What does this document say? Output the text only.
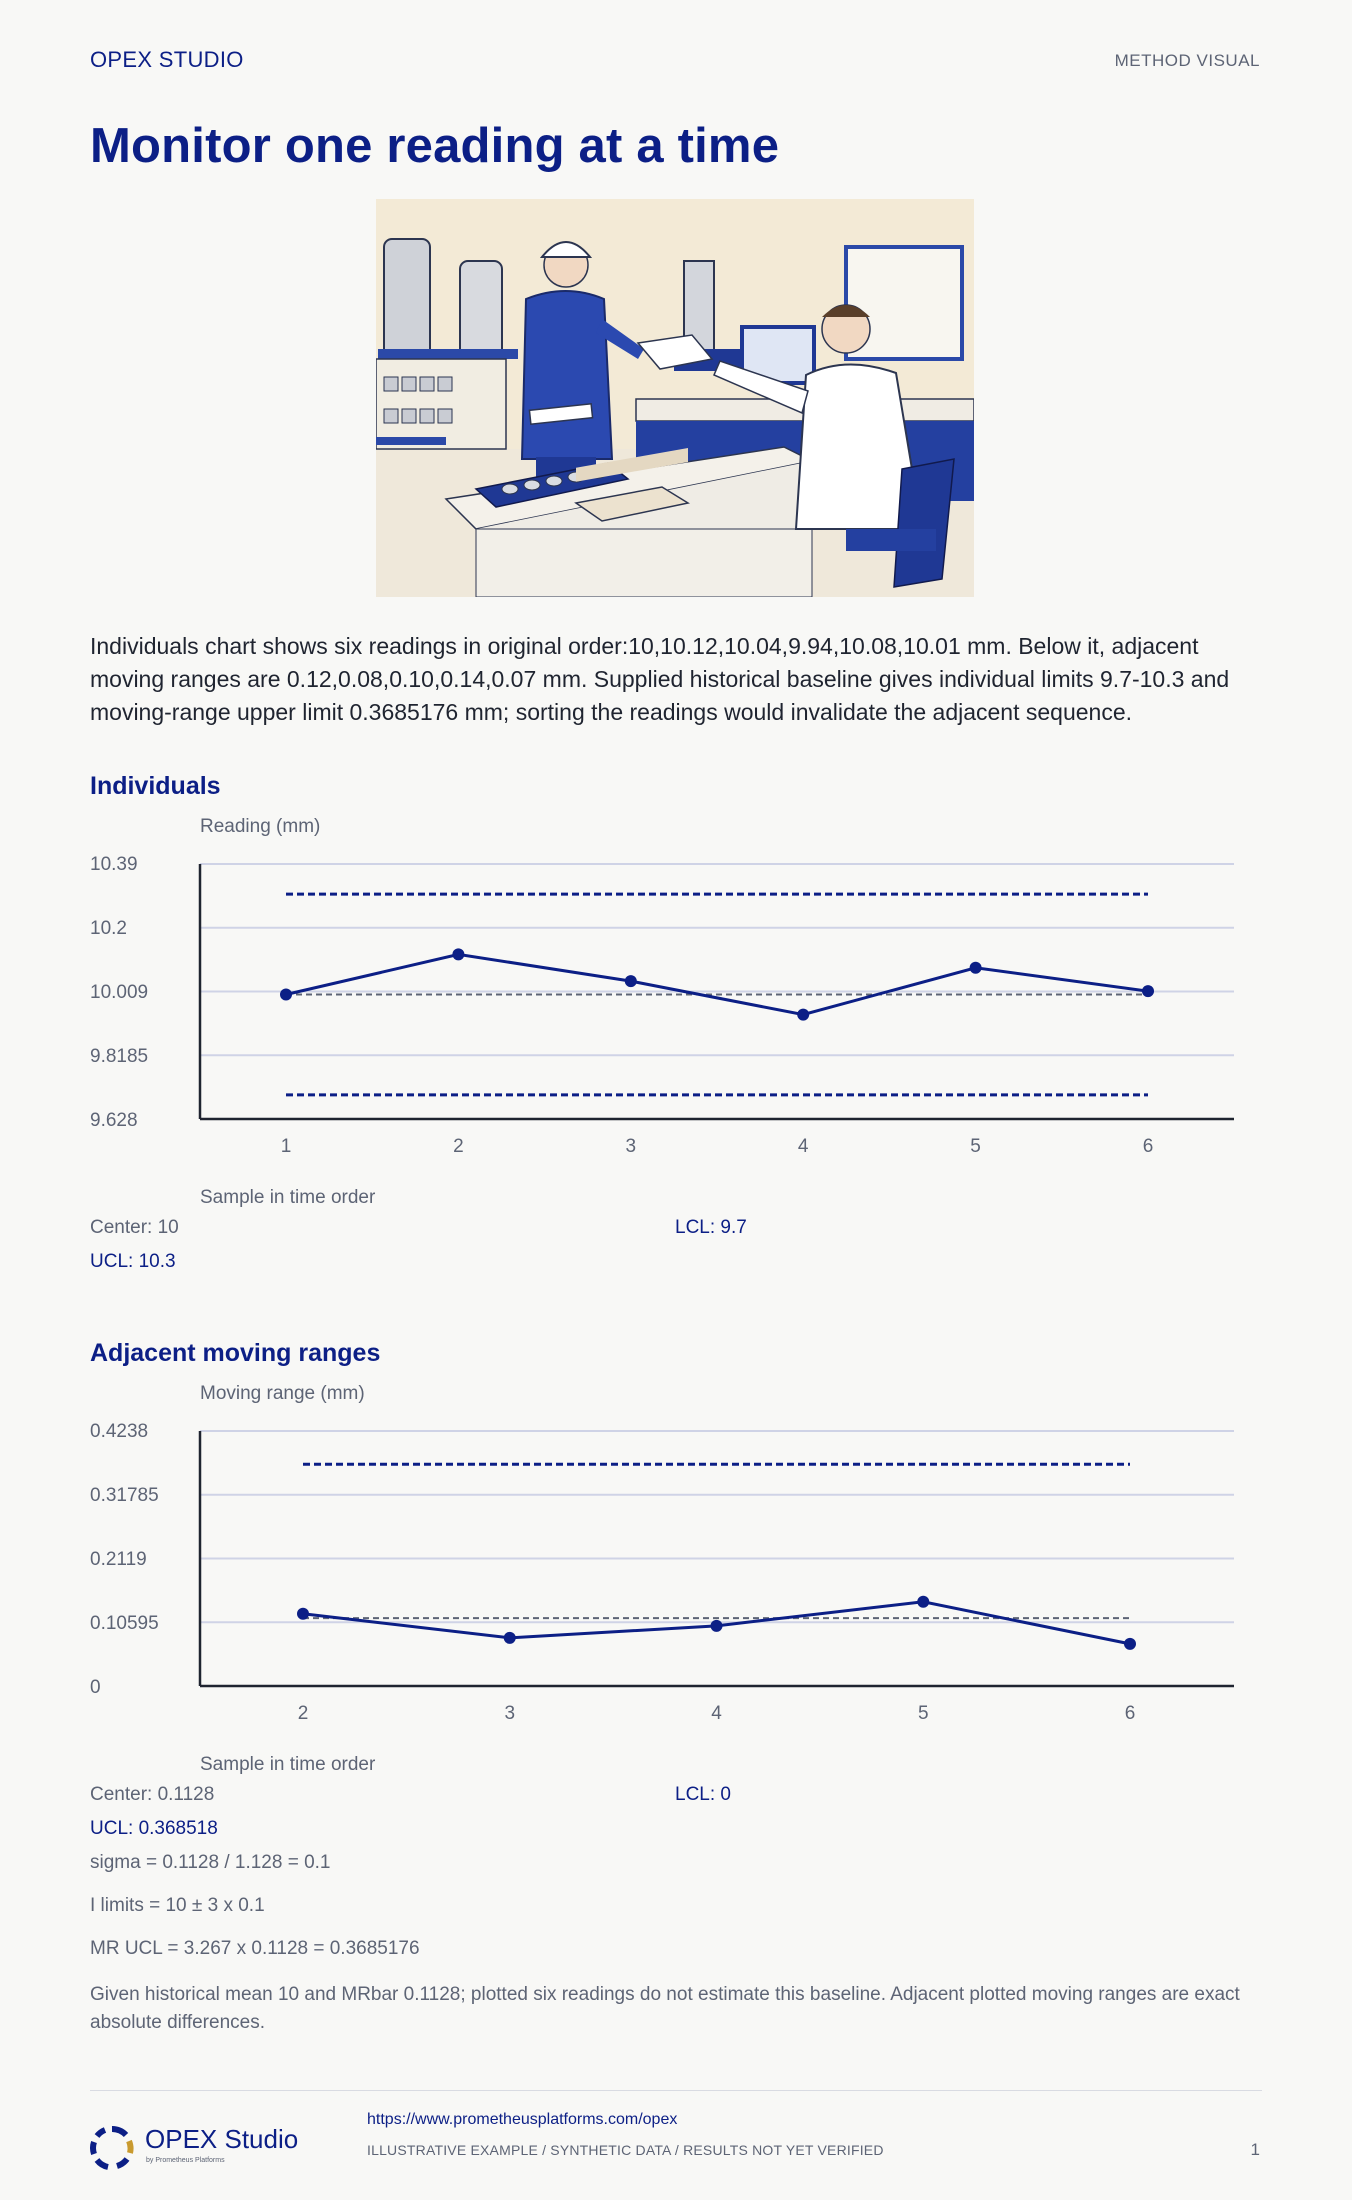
OPEX STUDIO	METHOD VISUAL
Monitor one reading at a time
Individuals chart shows six readings in original order:10,10.12,10.04,9.94,10.08,10.01 mm. Below it, adjacent moving ranges are 0.12,0.08,0.10,0.14,0.07 mm. Supplied historical baseline gives individual limits 9.7-10.3 and moving-range upper limit 0.3685176 mm; sorting the readings would invalidate the adjacent sequence.
Individuals
Reading (mm)
10.39
10.2
10.009
9.8185
9.628
1	2	3	4	5	6
2	3	4	5	6
Sample in time order
Center: 10	LCL: 9.7
UCL: 10.3
Adjacent moving ranges
Moving range (mm)
0.4238
0.31785
0.2119
0.10595
0
Sample in time order
Center: 0.1128	LCL: 0
UCL: 0.368518
sigma = 0.1128 / 1.128 = 0.1
I limits = 10 ± 3 x 0.1
MR UCL = 3.267 x 0.1128 = 0.3685176
Given historical mean 10 and MRbar 0.1128; plotted six readings do not estimate this baseline. Adjacent plotted moving ranges are exact absolute differences.
OPEX Studio
by Prometheus Platforms
https://www.prometheusplatforms.com/opex
ILLUSTRATIVE EXAMPLE / SYNTHETIC DATA / RESULTS NOT YET VERIFIED	1
